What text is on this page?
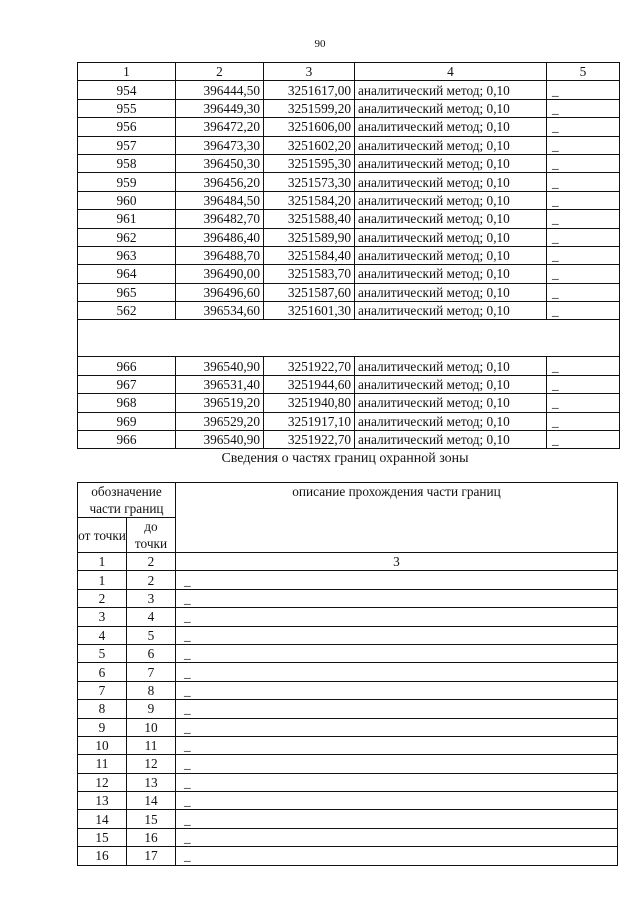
90
1	2	3	4	5
954	396444,50	3251617,00	аналитический метод; 0,10	_
955	396449,30	3251599,20	аналитический метод; 0,10	_
956	396472,20	3251606,00	аналитический метод; 0,10	_
957	396473,30	3251602,20	аналитический метод; 0,10	_
958	396450,30	3251595,30	аналитический метод; 0,10	_
959	396456,20	3251573,30	аналитический метод; 0,10	_
960	396484,50	3251584,20	аналитический метод; 0,10	_
961	396482,70	3251588,40	аналитический метод; 0,10	_
962	396486,40	3251589,90	аналитический метод; 0,10	_
963	396488,70	3251584,40	аналитический метод; 0,10	_
964	396490,00	3251583,70	аналитический метод; 0,10	_
965	396496,60	3251587,60	аналитический метод; 0,10	_
562	396534,60	3251601,30	аналитический метод; 0,10	_

966	396540,90	3251922,70	аналитический метод; 0,10	_
967	396531,40	3251944,60	аналитический метод; 0,10	_
968	396519,20	3251940,80	аналитический метод; 0,10	_
969	396529,20	3251917,10	аналитический метод; 0,10	_
966	396540,90	3251922,70	аналитический метод; 0,10	_
Сведения о частях границ охранной зоны
обозначение части границ		описание прохождения части границ
от точки	до точки	
1	2	3
1	2	_
2	3	_
3	4	_
4	5	_
5	6	_
6	7	_
7	8	_
8	9	_
9	10	_
10	11	_
11	12	_
12	13	_
13	14	_
14	15	_
15	16	_
16	17	_
